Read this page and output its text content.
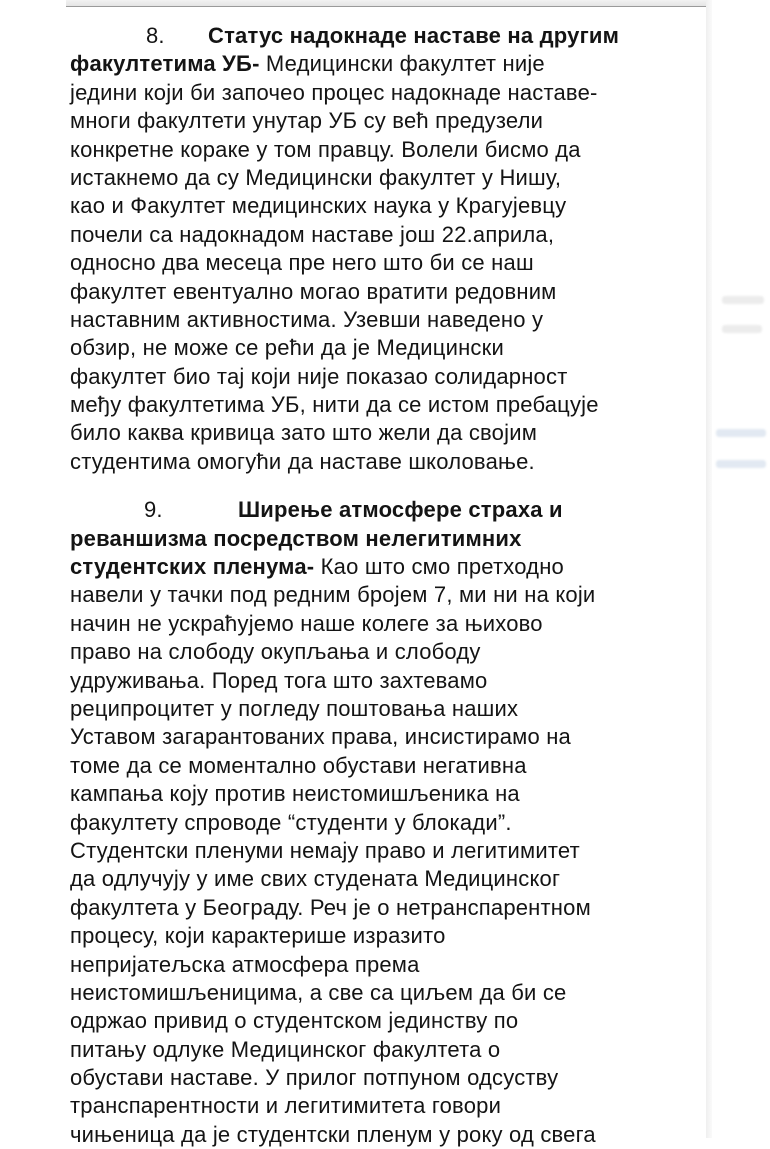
8. Статус надокнаде наставе на другим
факултетима УБ- Медицински факултет није
једини који би започео процес надокнаде наставе-
многи факултети унутар УБ су већ предузели
конкретне кораке у том правцу. Волели бисмо да
истакнемо да су Медицински факултет у Нишу,
као и Факултет медицинских наука у Крагујевцу
почели са надокнадом наставе још 22.априла,
односно два месеца пре него што би се наш
факултет евентуално могао вратити редовним
наставним активностима. Узевши наведено у
обзир, не може се рећи да је Медицински
факултет био тај који није показао солидарност
међу факултетима УБ, нити да се истом пребацује
било каква кривица зато што жели да својим
студентима омогући да наставе школовање.
9.	Ширење атмосфере страха и
реваншизма посредством нелегитимних
студентских пленума- Као што смо претходно
навели у тачки под редним бројем 7, ми ни на који
начин не ускраћујемо наше колеге за њихово
право на слободу окупљања и слободу
удруживања. Поред тога што захтевамо
реципроцитет у погледу поштовања наших
Уставом загарантованих права, инсистирамо на
томе да се моментално обустави негативна
кампања коју против неистомишљеника на
факултету спроводе “студенти у блокади”.
Студентски пленуми немају право и легитимитет
да одлучују у име свих студената Медицинског
факултета у Београду. Реч је о нетранспарентном
процесу, који карактерише изразито
непријатељска атмосфера према
неистомишљеницима, а све са циљем да би се
одржао привид о студентском јединству по
питању одлуке Медицинског факултета о
обустави наставе. У прилог потпуном одсуству
транспарентности и легитимитета говори
чињеница да је студентски пленум у року од свега
